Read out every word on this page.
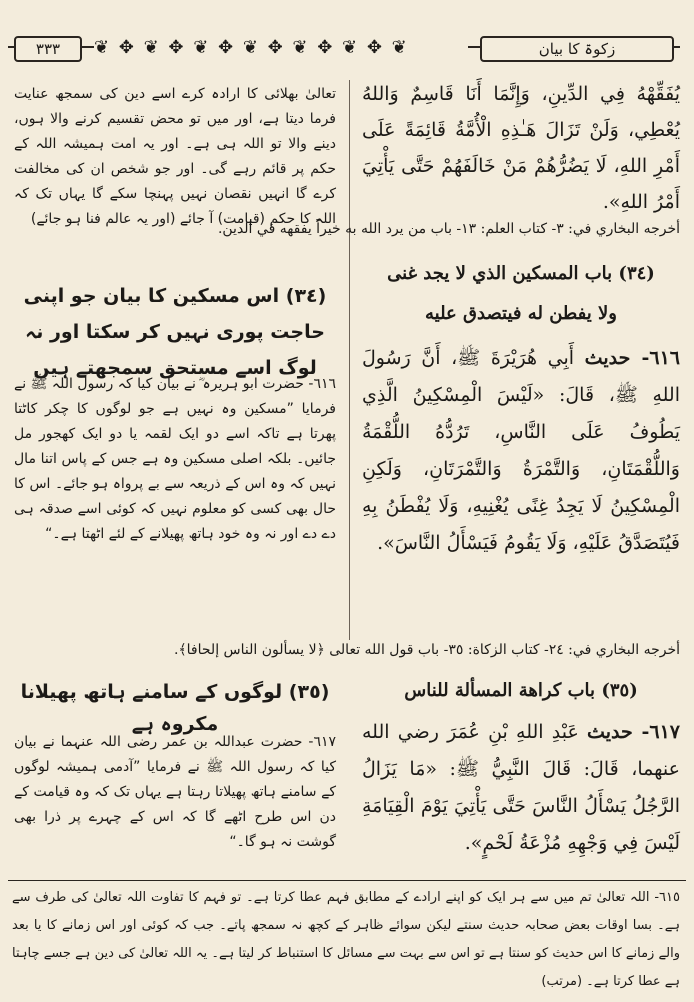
٣٣٣	❦ ✥ ❦ ✥ ❦ ✥ ❦ ✥ ❦ ✥ ❦ ✥ ❦	زکوۃ کا بیان

يُفَقِّهْهُ فِي الدِّينِ، وَإِنَّمَا أَنَا قَاسِمٌ وَاللهُ يُعْطِي، وَلَنْ تَزَالَ هَـٰذِهِ الْأُمَّةُ قَائِمَةً عَلَى أَمْرِ اللهِ، لَا يَضُرُّهُمْ مَنْ خَالَفَهُمْ حَتَّى يَأْتِيَ أَمْرُ اللهِ».

أخرجه البخاري في: ٣- كتاب العلم: ١٣- باب من يرد الله به خيراً يفقهه في الدين.
(٣٤) باب المسكين الذي لا يجد غنى
ولا يفطن له فيتصدق عليه

٦١٦- حديث أَبِي هُرَيْرَةَ ﷺ، أَنَّ رَسُولَ اللهِ ﷺ، قَالَ: «لَيْسَ الْمِسْكِينُ الَّذِي يَطُوفُ عَلَى النَّاسِ، تَرُدُّهُ اللُّقْمَةُ وَاللُّقْمَتَانِ، وَالتَّمْرَةُ وَالتَّمْرَتَانِ، وَلَكِنِ الْمِسْكِينُ لَا يَجِدُ غِنًى يُغْنِيهِ، وَلَا يُفْطَنُ بِهِ فَيُتَصَدَّقُ عَلَيْهِ، وَلَا يَقُومُ فَيَسْأَلُ النَّاسَ».

أخرجه البخاري في: ٢٤- كتاب الزكاة: ٣٥- باب قول الله تعالى ﴿لا يسألون الناس إلحافا﴾.
(٣٥) باب كراهة المسألة للناس

٦١٧- حديث عَبْدِ اللهِ بْنِ عُمَرَ رضي الله عنهما، قَالَ: قَالَ النَّبِيُّ ﷺ: «مَا يَزَالُ الرَّجُلُ يَسْأَلُ النَّاسَ حَتَّى يَأْتِيَ يَوْمَ الْقِيَامَةِ لَيْسَ فِي وَجْهِهِ مُزْعَةُ لَحْمٍ».

تعالیٰ بھلائی کا ارادہ کرے اسے دین کی سمجھ عنایت فرما دیتا ہے، اور میں تو محض تقسیم کرنے والا ہوں، دینے والا تو اللہ ہی ہے۔ اور یہ امت ہمیشہ اللہ کے حکم پر قائم رہے گی۔ اور جو شخص ان کی مخالفت کرے گا انہیں نقصان نہیں پہنچا سکے گا یہاں تک کہ اللہ کا حکم (قیامت) آ جائے (اور یہ عالم فنا ہو جائے)

(٣٤) اس مسکین کا بیان جو اپنی حاجت پوری نہیں کر سکتا اور نہ لوگ اسے مستحق سمجھتے ہیں

٦١٦- حضرت ابو ہریرہ ؓ نے بیان کیا کہ رسول اللہ ﷺ نے فرمایا ”مسکین وہ نہیں ہے جو لوگوں کا چکر کاٹتا پھرتا ہے تاکہ اسے دو ایک لقمہ یا دو ایک کھجور مل جائیں۔ بلکہ اصلی مسکین وہ ہے جس کے پاس اتنا مال نہیں کہ وہ اس کے ذریعہ سے بے پرواہ ہو جائے۔ اس کا حال بھی کسی کو معلوم نہیں کہ کوئی اسے صدقہ ہی دے دے اور نہ وہ خود ہاتھ پھیلانے کے لئے اٹھتا ہے۔“

(٣٥) لوگوں کے سامنے ہاتھ پھیلانا مکروہ ہے

٦١٧- حضرت عبداللہ بن عمر رضی اللہ عنہما نے بیان کیا کہ رسول اللہ ﷺ نے فرمایا ”آدمی ہمیشہ لوگوں کے سامنے ہاتھ پھیلاتا رہتا ہے یہاں تک کہ وہ قیامت کے دن اس طرح اٹھے گا کہ اس کے چہرے پر ذرا بھی گوشت نہ ہو گا۔“

٦١٥- اللہ تعالیٰ تم میں سے ہر ایک کو اپنے ارادے کے مطابق فہم عطا کرتا ہے۔ تو فہم کا تفاوت اللہ تعالیٰ کی طرف سے ہے۔ بسا اوقات بعض صحابہ حدیث سنتے لیکن سوائے ظاہر کے کچھ نہ سمجھ پاتے۔ جب کہ کوئی اور اس زمانے کا یا بعد والے زمانے کا اس حدیث کو سنتا ہے تو اس سے بہت سے مسائل کا استنباط کر لیتا ہے۔ یہ اللہ تعالیٰ کی دین ہے جسے چاہتا ہے عطا کرتا ہے۔ (مرتب)
